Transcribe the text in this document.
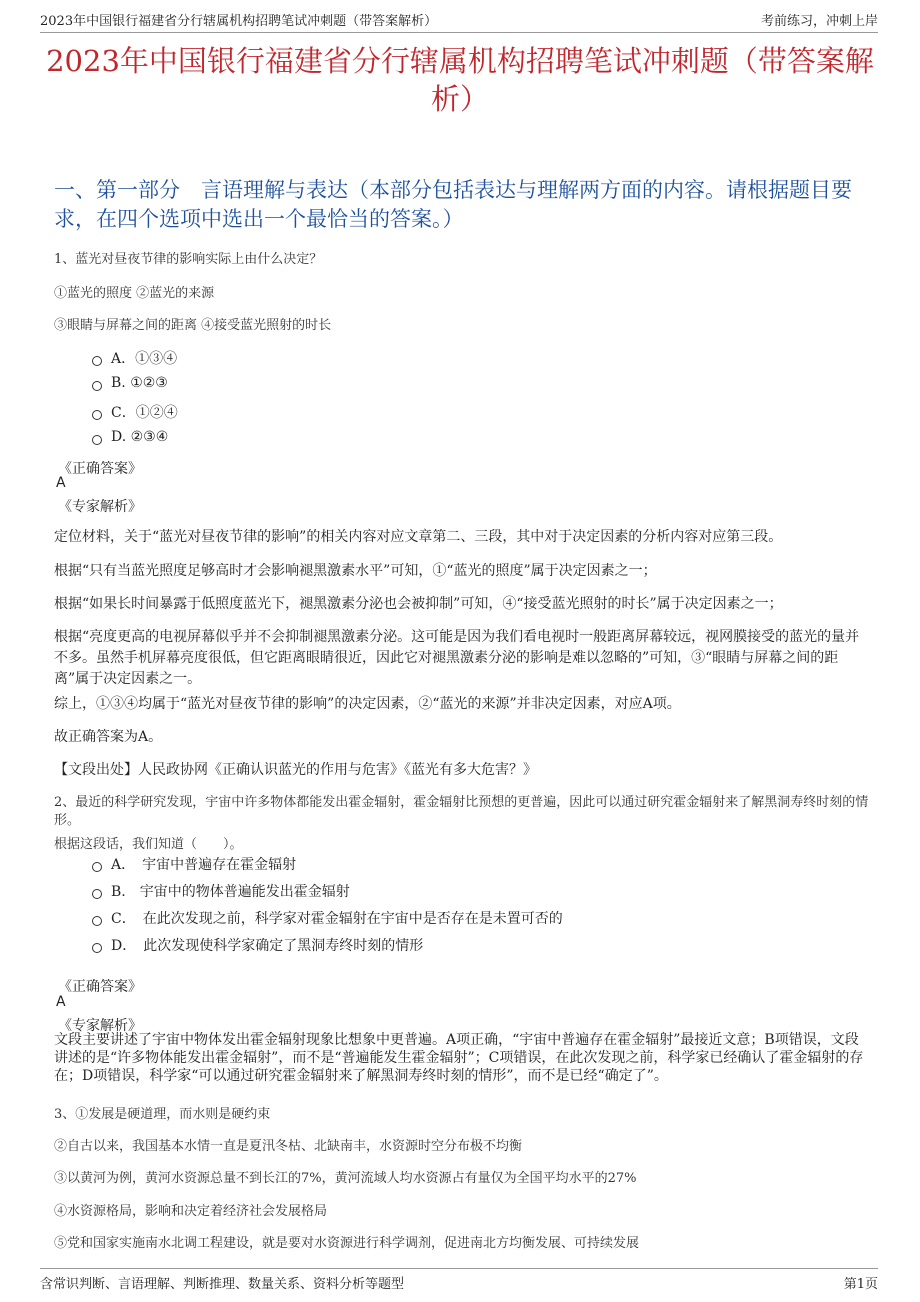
2023年中国银行福建省分行辖属机构招聘笔试冲刺题（带答案解析）	考前练习，冲刺上岸
2023年中国银行福建省分行辖属机构招聘笔试冲刺题（带答案解析）
一、第一部分　言语理解与表达（本部分包括表达与理解两方面的内容。请根据题目要求，在四个选项中选出一个最恰当的答案。）
1、蓝光对昼夜节律的影响实际上由什么决定？
①蓝光的照度 ②蓝光的来源
③眼睛与屏幕之间的距离 ④接受蓝光照射的时长
A．①③④
B. ①②③
C．①②④
D. ②③④
《正确答案》
A
《专家解析》
定位材料，关于“蓝光对昼夜节律的影响”的相关内容对应文章第二、三段，其中对于决定因素的分析内容对应第三段。
根据“只有当蓝光照度足够高时才会影响褪黑激素水平”可知，①“蓝光的照度”属于决定因素之一；
根据“如果长时间暴露于低照度蓝光下，褪黑激素分泌也会被抑制”可知，④“接受蓝光照射的时长”属于决定因素之一；
根据“亮度更高的电视屏幕似乎并不会抑制褪黑激素分泌。这可能是因为我们看电视时一般距离屏幕较远，视网膜接受的蓝光的量并不多。虽然手机屏幕亮度很低，但它距离眼睛很近，因此它对褪黑激素分泌的影响是难以忽略的”可知，③“眼睛与屏幕之间的距离”属于决定因素之一。
综上，①③④均属于“蓝光对昼夜节律的影响”的决定因素，②“蓝光的来源”并非决定因素，对应A项。
故正确答案为A。
【文段出处】人民政协网《正确认识蓝光的作用与危害》《蓝光有多大危害？》
2、最近的科学研究发现，宇宙中许多物体都能发出霍金辐射，霍金辐射比预想的更普遍，因此可以通过研究霍金辐射来了解黑洞寿终时刻的情形。
根据这段话，我们知道（　　）。
A．　宇宙中普遍存在霍金辐射
B.　宇宙中的物体普遍能发出霍金辐射
C．　在此次发现之前，科学家对霍金辐射在宇宙中是否存在是未置可否的
D．　此次发现使科学家确定了黑洞寿终时刻的情形
《正确答案》
A
《专家解析》
文段主要讲述了宇宙中物体发出霍金辐射现象比想象中更普遍。A项正确，“宇宙中普遍存在霍金辐射”最接近文意；B项错误，文段讲述的是“许多物体能发出霍金辐射”，而不是“普遍能发生霍金辐射”；C项错误，在此次发现之前，科学家已经确认了霍金辐射的存在；D项错误，科学家“可以通过研究霍金辐射来了解黑洞寿终时刻的情形”，而不是已经“确定了”。
3、①发展是硬道理，而水则是硬约束
②自古以来，我国基本水情一直是夏汛冬枯、北缺南丰，水资源时空分布极不均衡
③以黄河为例，黄河水资源总量不到长江的7%，黄河流域人均水资源占有量仅为全国平均水平的27%
④水资源格局，影响和决定着经济社会发展格局
⑤党和国家实施南水北调工程建设，就是要对水资源进行科学调剂，促进南北方均衡发展、可持续发展
含常识判断、言语理解、判断推理、数量关系、资料分析等题型	第1页
